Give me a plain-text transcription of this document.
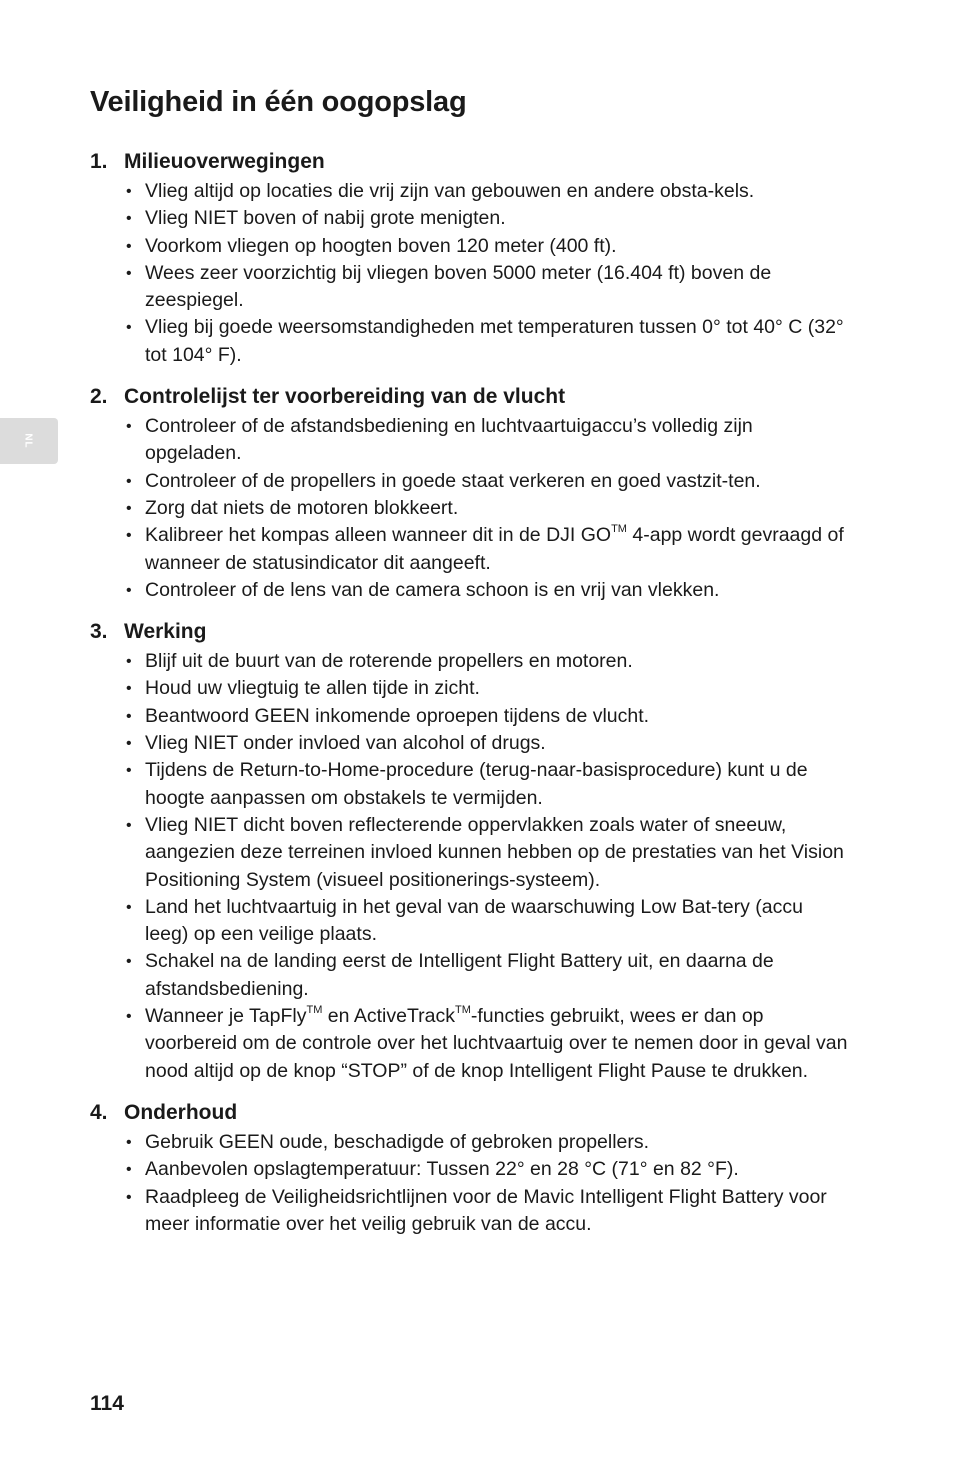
Veiligheid in één oogopslag
NL
1. Milieuoverwegingen
• Vlieg altijd op locaties die vrij zijn van gebouwen en andere obsta-kels.
• Vlieg NIET boven of nabij grote menigten.
• Voorkom vliegen op hoogten boven 120 meter (400 ft).
• Wees zeer voorzichtig bij vliegen boven 5000 meter (16.404 ft) boven de zeespiegel.
• Vlieg bij goede weersomstandigheden met temperaturen tussen 0° tot 40° C (32° tot 104° F).
2. Controlelijst ter voorbereiding van de vlucht
• Controleer of de afstandsbediening en luchtvaartuigaccu’s volledig zijn opgeladen.
• Controleer of de propellers in goede staat verkeren en goed vastzit-ten.
• Zorg dat niets de motoren blokkeert.
• Kalibreer het kompas alleen wanneer dit in de DJI GO™ 4-app wordt gevraagd of wanneer de statusindicator dit aangeeft.
• Controleer of de lens van de camera schoon is en vrij van vlekken.
3. Werking
• Blijf uit de buurt van de roterende propellers en motoren.
• Houd uw vliegtuig te allen tijde in zicht.
• Beantwoord GEEN inkomende oproepen tijdens de vlucht.
• Vlieg NIET onder invloed van alcohol of drugs.
• Tijdens de Return-to-Home-procedure (terug-naar-basisprocedure) kunt u de hoogte aanpassen om obstakels te vermijden.
• Vlieg NIET dicht boven reflecterende oppervlakken zoals water of sneeuw, aangezien deze terreinen invloed kunnen hebben op de prestaties van het Vision Positioning System (visueel positionerings-systeem).
• Land het luchtvaartuig in het geval van de waarschuwing Low Bat-tery (accu leeg) op een veilige plaats.
• Schakel na de landing eerst de Intelligent Flight Battery uit, en daarna de afstandsbediening.
• Wanneer je TapFly™ en ActiveTrack™-functies gebruikt, wees er dan op voorbereid om de controle over het luchtvaartuig over te nemen door in geval van nood altijd op de knop “STOP” of de knop Intelligent Flight Pause te drukken.
4. Onderhoud
• Gebruik GEEN oude, beschadigde of gebroken propellers.
• Aanbevolen opslagtemperatuur: Tussen 22° en 28 °C (71° en 82 °F).
• Raadpleeg de Veiligheidsrichtlijnen voor de Mavic Intelligent Flight Battery voor meer informatie over het veilig gebruik van de accu.
114
